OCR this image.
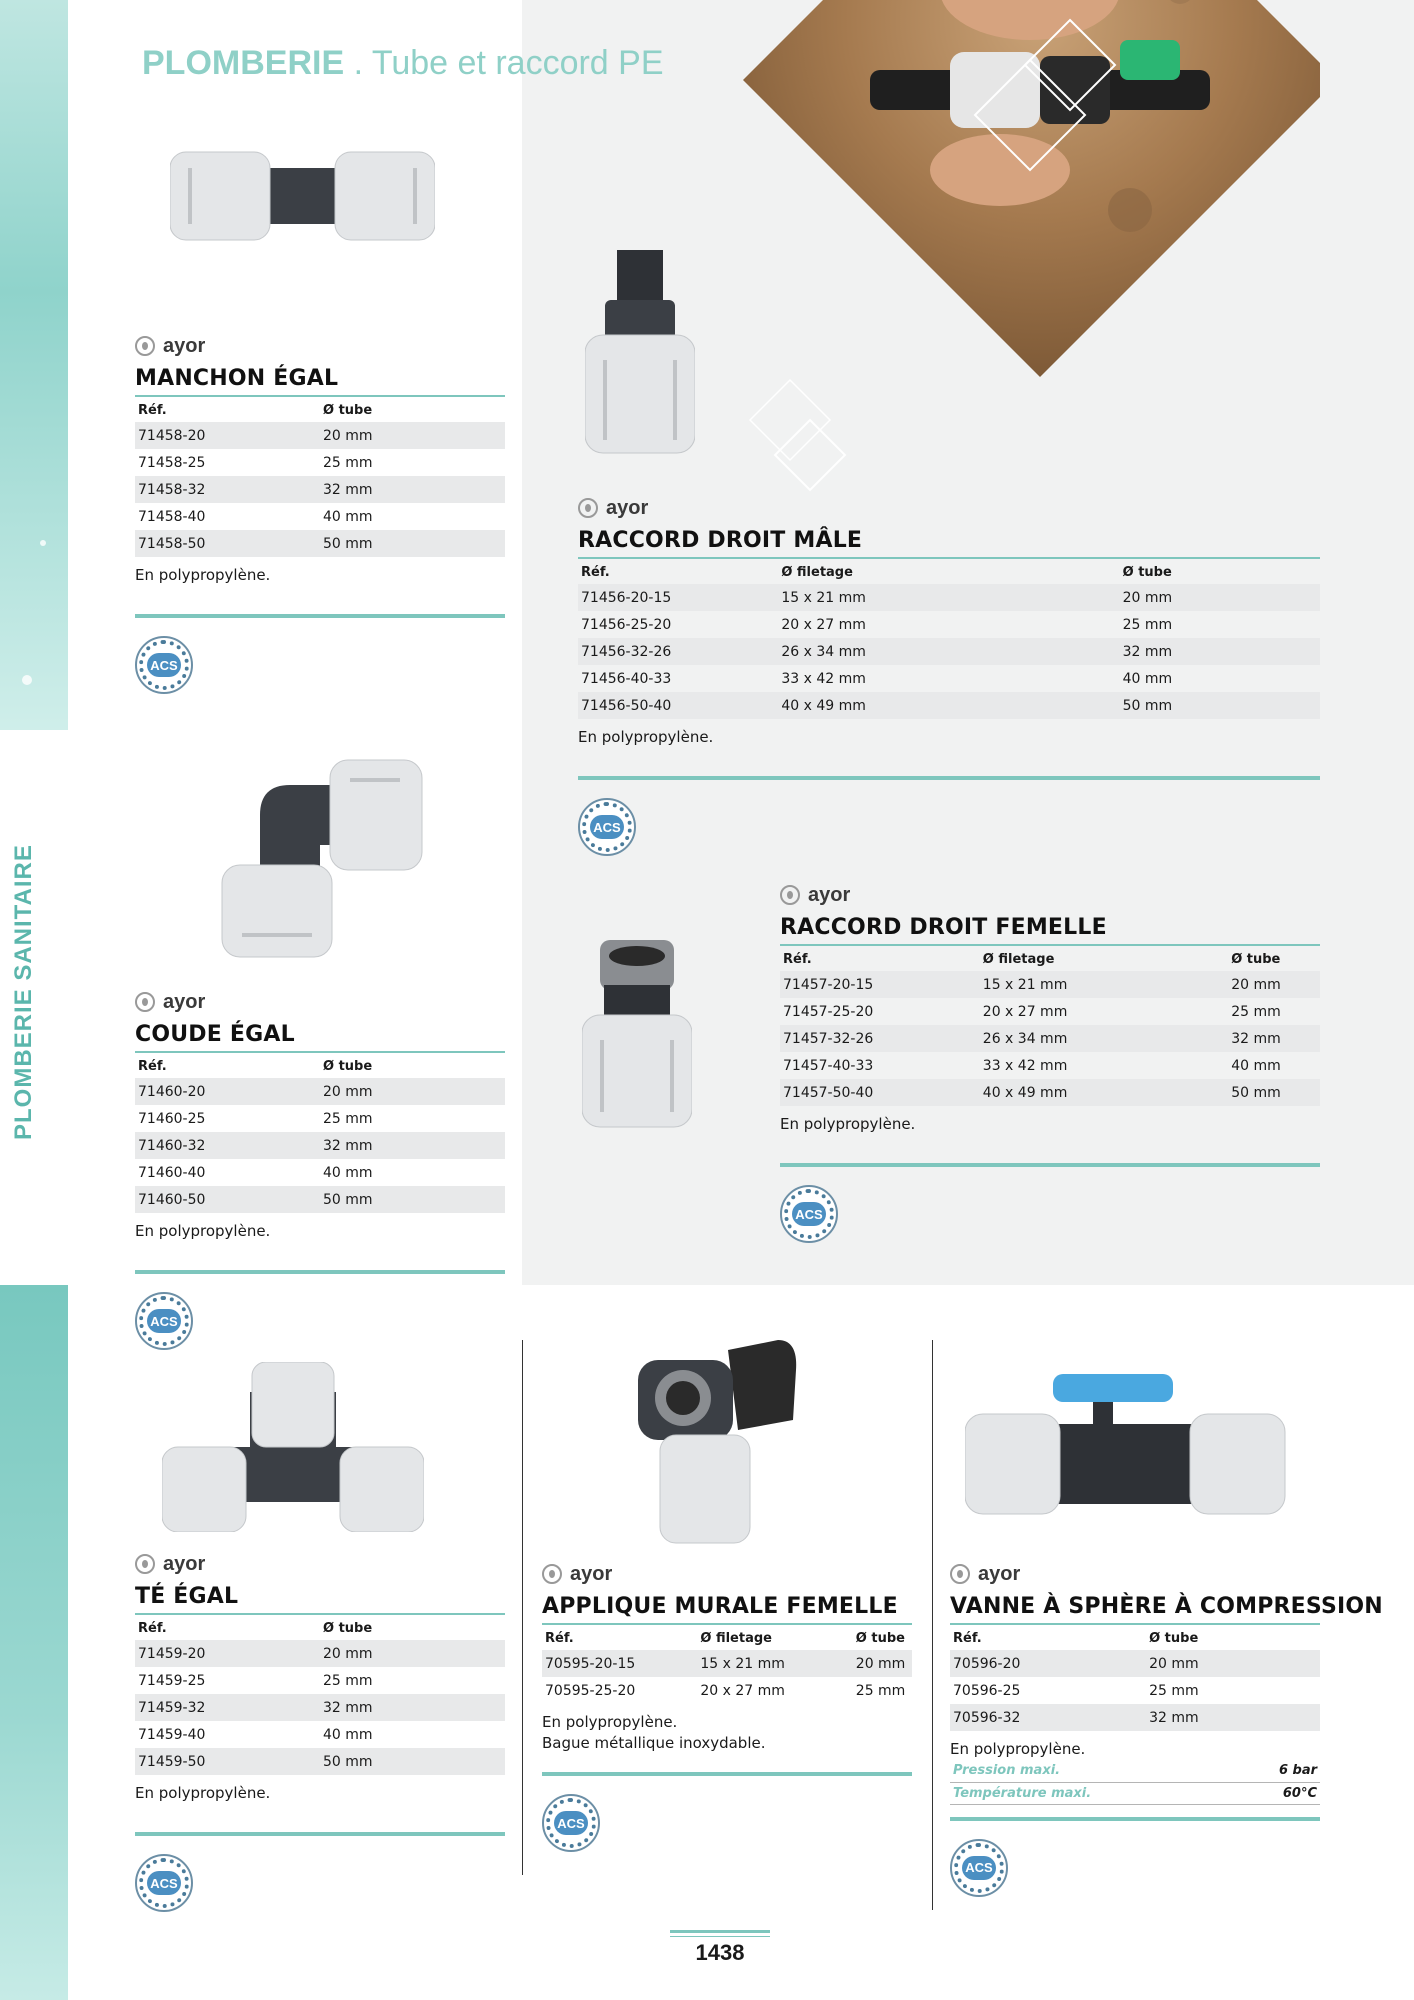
PLOMBERIE SANITAIRE
PLOMBERIE . Tube et raccord PE
ayor
MANCHON ÉGAL
Réf.	Ø tube
71458-20	20 mm
71458-25	25 mm
71458-32	32 mm
71458-40	40 mm
71458-50	50 mm
En polypropylène.
ACS
ayor
RACCORD DROIT MÂLE
Réf.	Ø filetage	Ø tube
71456-20-15	15 x 21 mm	20 mm
71456-25-20	20 x 27 mm	25 mm
71456-32-26	26 x 34 mm	32 mm
71456-40-33	33 x 42 mm	40 mm
71456-50-40	40 x 49 mm	50 mm
En polypropylène.
ACS
ayor
COUDE ÉGAL
Réf.	Ø tube
71460-20	20 mm
71460-25	25 mm
71460-32	32 mm
71460-40	40 mm
71460-50	50 mm
En polypropylène.
ACS
ayor
RACCORD DROIT FEMELLE
Réf.	Ø filetage	Ø tube
71457-20-15	15 x 21 mm	20 mm
71457-25-20	20 x 27 mm	25 mm
71457-32-26	26 x 34 mm	32 mm
71457-40-33	33 x 42 mm	40 mm
71457-50-40	40 x 49 mm	50 mm
En polypropylène.
ACS
ayor
TÉ ÉGAL
Réf.	Ø tube
71459-20	20 mm
71459-25	25 mm
71459-32	32 mm
71459-40	40 mm
71459-50	50 mm
En polypropylène.
ACS
ayor
APPLIQUE MURALE FEMELLE
Réf.	Ø filetage	Ø tube
70595-20-15	15 x 21 mm	20 mm
70595-25-20	20 x 27 mm	25 mm
En polypropylène.
Bague métallique inoxydable.
ACS
ayor
VANNE À SPHÈRE À COMPRESSION
Réf.	Ø tube
70596-20	20 mm
70596-25	25 mm
70596-32	32 mm
En polypropylène.
Pression maxi.	6 bar
Température maxi.	60°C
ACS
1438
